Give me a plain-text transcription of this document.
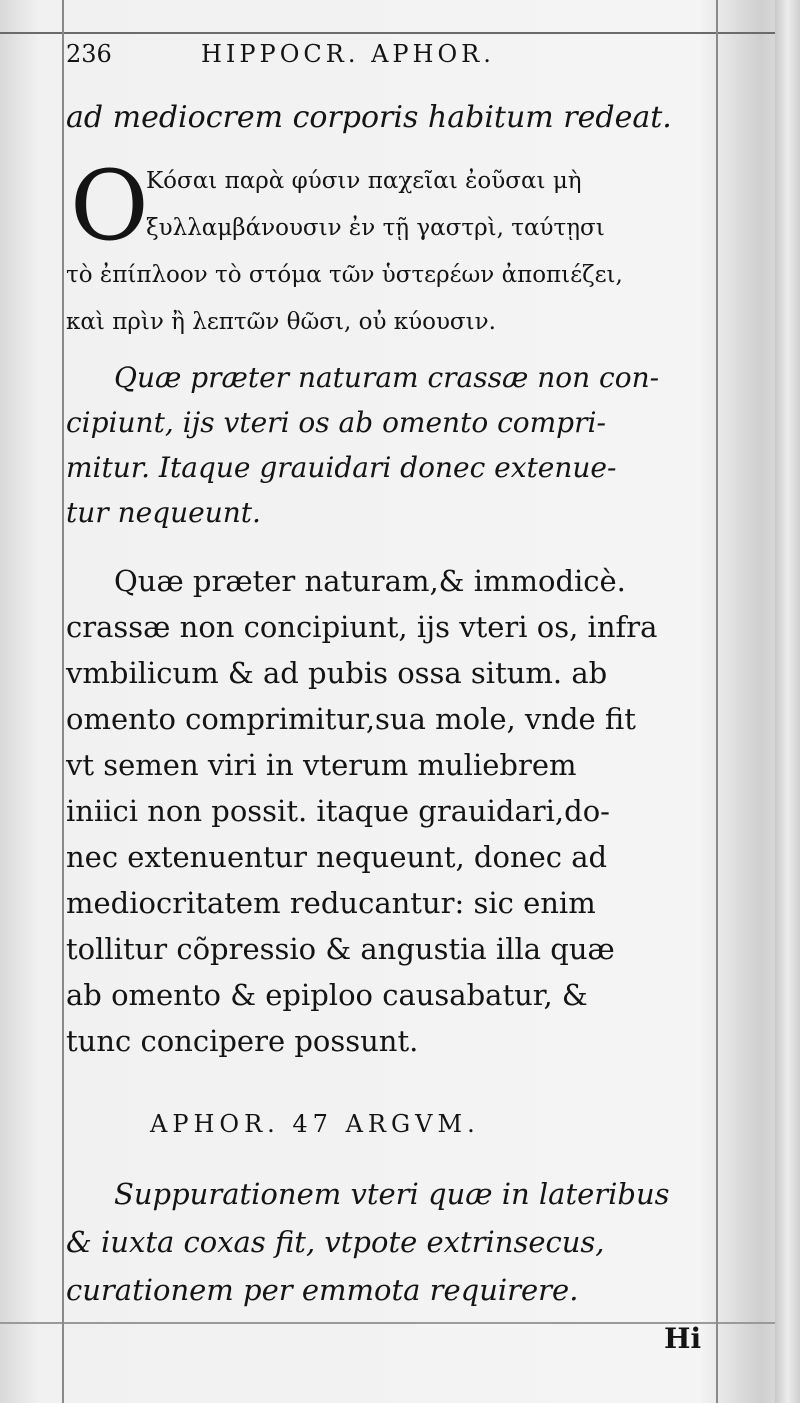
236	HIPPOCR. APHOR.
ad mediocrem corporis habitum redeat.
O
Κόσαι παρὰ φύσιν παχεῖαι ἐοῦσαι μὴ
ξυλλαμβάνουσιν ἐν τῇ γαστρὶ, ταύτῃσι
τὸ ἐπίπλοον τὸ στόμα τῶν ὑστερέων ἀποπιέζει,
καὶ πρὶν ἢ λεπτῶν θῶσι, οὐ κύουσιν.
Quæ præter naturam crassæ non con-
cipiunt, ijs vteri os ab omento compri-
mitur. Itaque grauidari donec extenue-
tur nequeunt.
Quæ præter naturam,& immodicè.
crassæ non concipiunt, ijs vteri os, infra
vmbilicum & ad pubis ossa situm. ab
omento comprimitur,sua mole, vnde fit
vt semen viri in vterum muliebrem
iniici non possit. itaque grauidari,do-
nec extenuentur nequeunt, donec ad
mediocritatem reducantur: sic enim
tollitur cõpressio & angustia illa quæ
ab omento & epiploo causabatur, &
tunc concipere possunt.
APHOR. 47 ARGVM.
Suppurationem vteri quæ in lateribus
& iuxta coxas fit, vtpote extrinsecus,
curationem per emmota requirere.
Hi
